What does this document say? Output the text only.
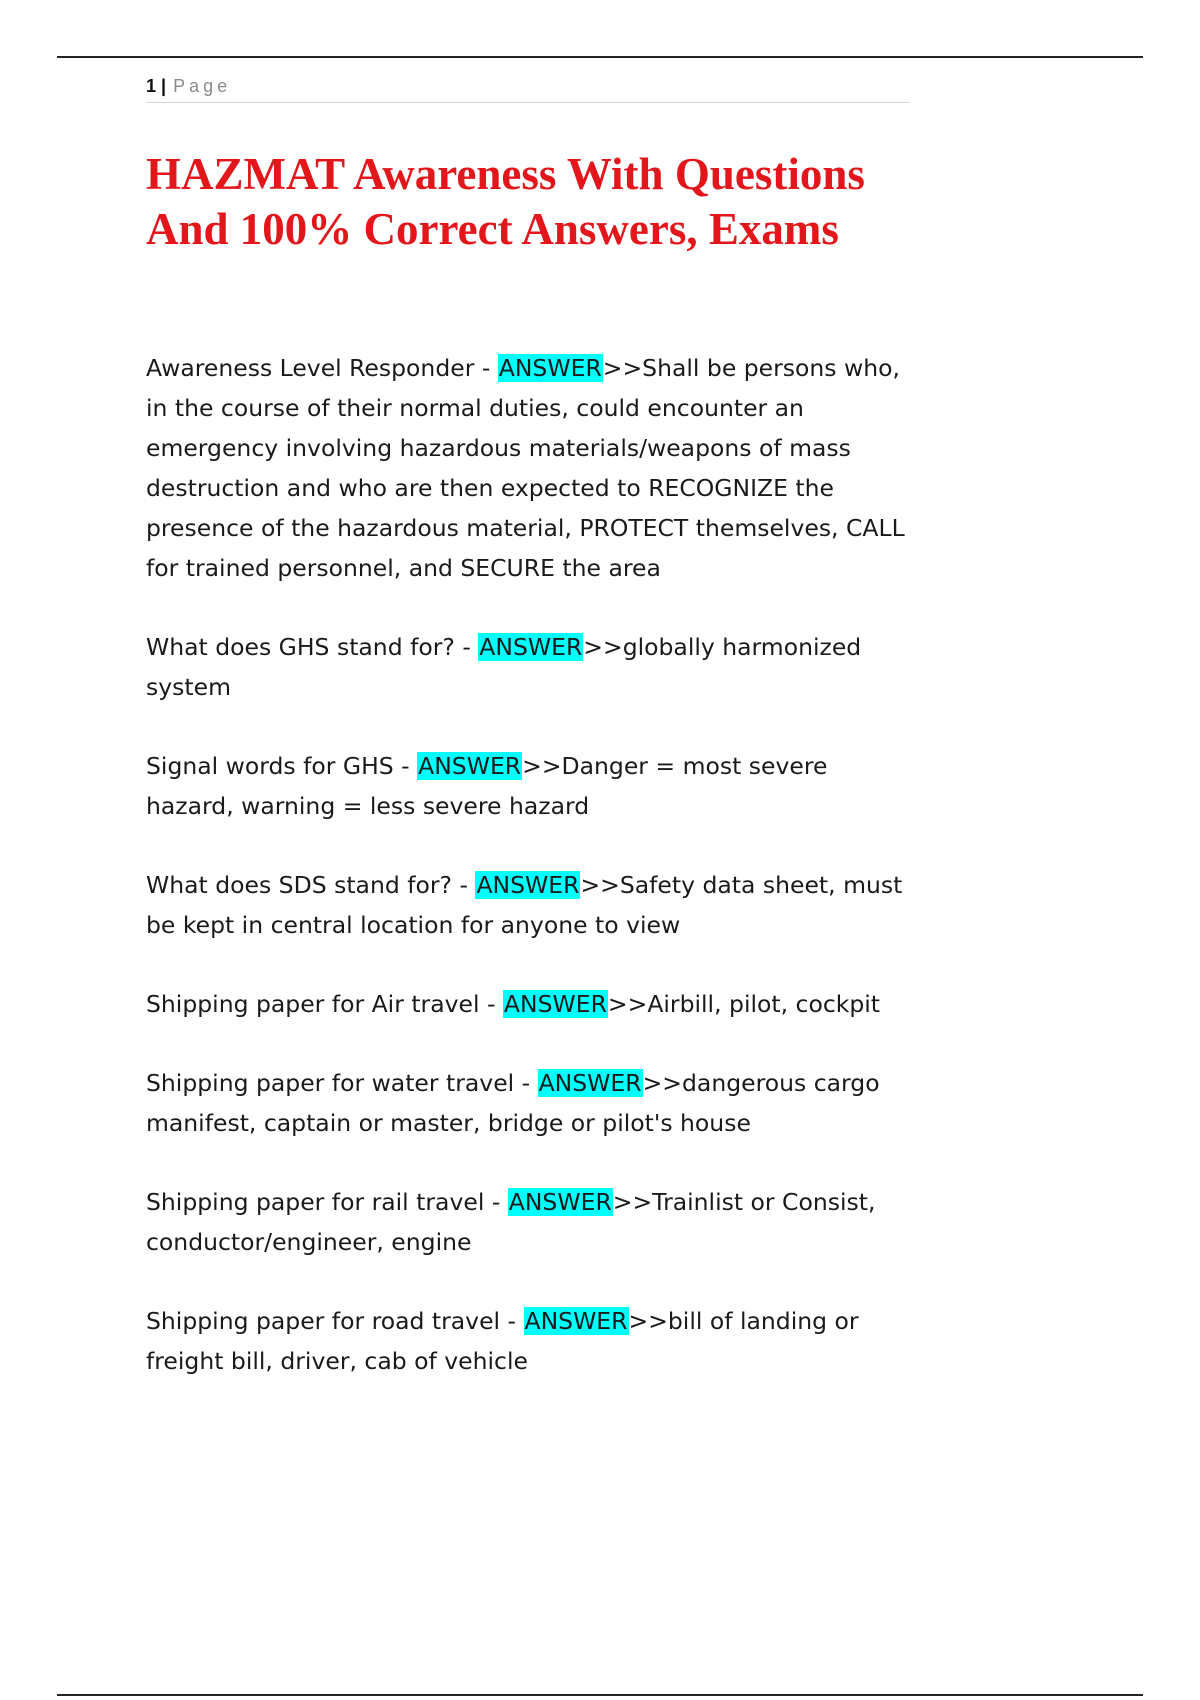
1 | Page
HAZMAT Awareness With Questions And 100% Correct Answers, Exams
Awareness Level Responder - ANSWER>>Shall be persons who, in the course of their normal duties, could encounter an emergency involving hazardous materials/weapons of mass destruction and who are then expected to RECOGNIZE the presence of the hazardous material, PROTECT themselves, CALL for trained personnel, and SECURE the area
What does GHS stand for? - ANSWER>>globally harmonized system
Signal words for GHS - ANSWER>>Danger = most severe hazard, warning = less severe hazard
What does SDS stand for? - ANSWER>>Safety data sheet, must be kept in central location for anyone to view
Shipping paper for Air travel - ANSWER>>Airbill, pilot, cockpit
Shipping paper for water travel - ANSWER>>dangerous cargo manifest, captain or master, bridge or pilot's house
Shipping paper for rail travel - ANSWER>>Trainlist or Consist, conductor/engineer, engine
Shipping paper for road travel - ANSWER>>bill of landing or freight bill, driver, cab of vehicle
